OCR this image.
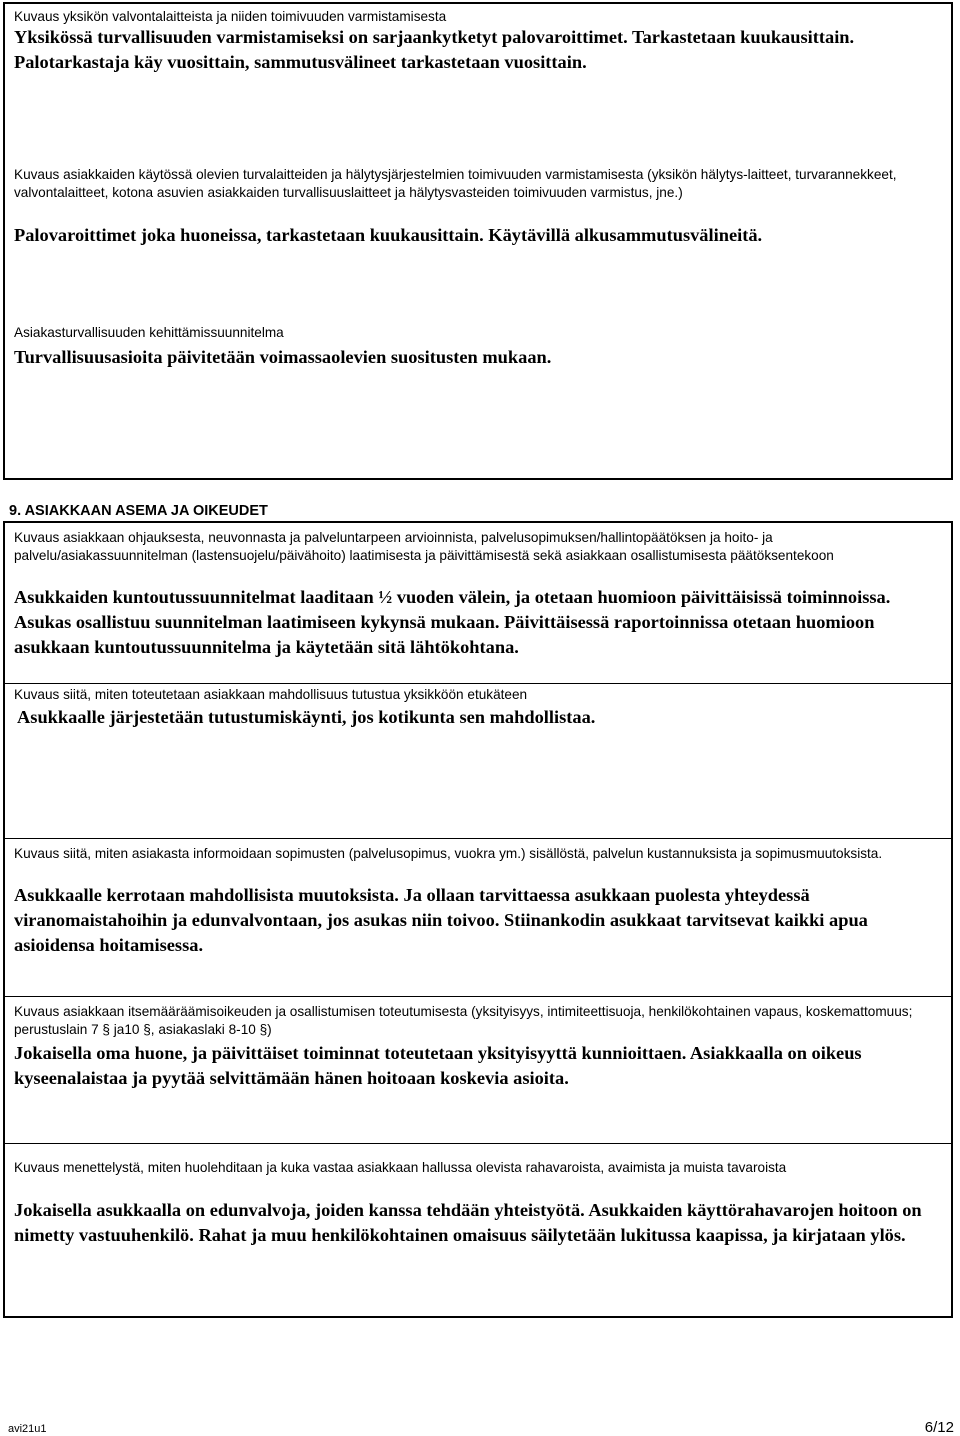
Kuvaus yksikön valvontalaitteista ja niiden toimivuuden varmistamisesta

Yksikössä turvallisuuden varmistamiseksi on sarjaankytketyt palovaroittimet. Tarkastetaan kuukausittain. Palotarkastaja käy vuosittain, sammutusvälineet tarkastetaan vuosittain.

Kuvaus asiakkaiden käytössä olevien turvalaitteiden ja hälytysjärjestelmien toimivuuden varmistamisesta (yksikön hälytys-laitteet, turvarannekkeet, valvontalaitteet, kotona asuvien asiakkaiden turvallisuuslaitteet ja hälytysvasteiden toimivuuden varmistus, jne.)

Palovaroittimet joka huoneissa, tarkastetaan kuukausittain. Käytävillä alkusammutusvälineitä.

Asiakasturvallisuuden kehittämissuunnitelma

Turvallisuusasioita päivitetään voimassaolevien suositusten mukaan.

9. ASIAKKAAN ASEMA JA OIKEUDET

Kuvaus asiakkaan ohjauksesta, neuvonnasta ja palveluntarpeen arvioinnista, palvelusopimuksen/hallintopäätöksen ja hoito- ja palvelu/asiakassuunnitelman (lastensuojelu/päivähoito) laatimisesta ja päivittämisestä sekä asiakkaan osallistumisesta päätöksentekoon

Asukkaiden kuntoutussuunnitelmat laaditaan ½ vuoden välein, ja otetaan huomioon päivittäisissä toiminnoissa. Asukas osallistuu suunnitelman laatimiseen kykynsä mukaan. Päivittäisessä raportoinnissa otetaan huomioon asukkaan kuntoutussuunnitelma ja käytetään sitä lähtökohtana.

Kuvaus siitä, miten toteutetaan asiakkaan mahdollisuus tutustua yksikköön etukäteen

Asukkaalle järjestetään tutustumiskäynti, jos kotikunta sen mahdollistaa.

Kuvaus siitä, miten asiakasta informoidaan sopimusten (palvelusopimus, vuokra ym.) sisällöstä, palvelun kustannuksista ja sopimusmuutoksista.

Asukkaalle kerrotaan mahdollisista muutoksista. Ja ollaan tarvittaessa asukkaan puolesta yhteydessä viranomaistahoihin ja edunvalvontaan, jos asukas niin toivoo. Stiinankodin asukkaat tarvitsevat kaikki apua asioidensa hoitamisessa.

Kuvaus asiakkaan itsemääräämisoikeuden ja osallistumisen toteutumisesta (yksityisyys, intimiteettisuoja, henkilökohtainen vapaus, koskemattomuus; perustuslain 7 § ja10 §, asiakaslaki 8-10 §)

Jokaisella oma huone, ja päivittäiset toiminnat toteutetaan yksityisyyttä kunnioittaen. Asiakkaalla on oikeus kyseenalaistaa ja pyytää selvittämään hänen hoitoaan koskevia asioita.

Kuvaus menettelystä, miten huolehditaan ja kuka vastaa asiakkaan hallussa olevista rahavaroista, avaimista ja muista tavaroista

Jokaisella asukkaalla on edunvalvoja, joiden kanssa tehdään yhteistyötä. Asukkaiden käyttörahavarojen hoitoon on nimetty vastuuhenkilö. Rahat ja muu henkilökohtainen omaisuus säilytetään lukitussa kaapissa, ja kirjataan ylös.

avi21u1	6/12
